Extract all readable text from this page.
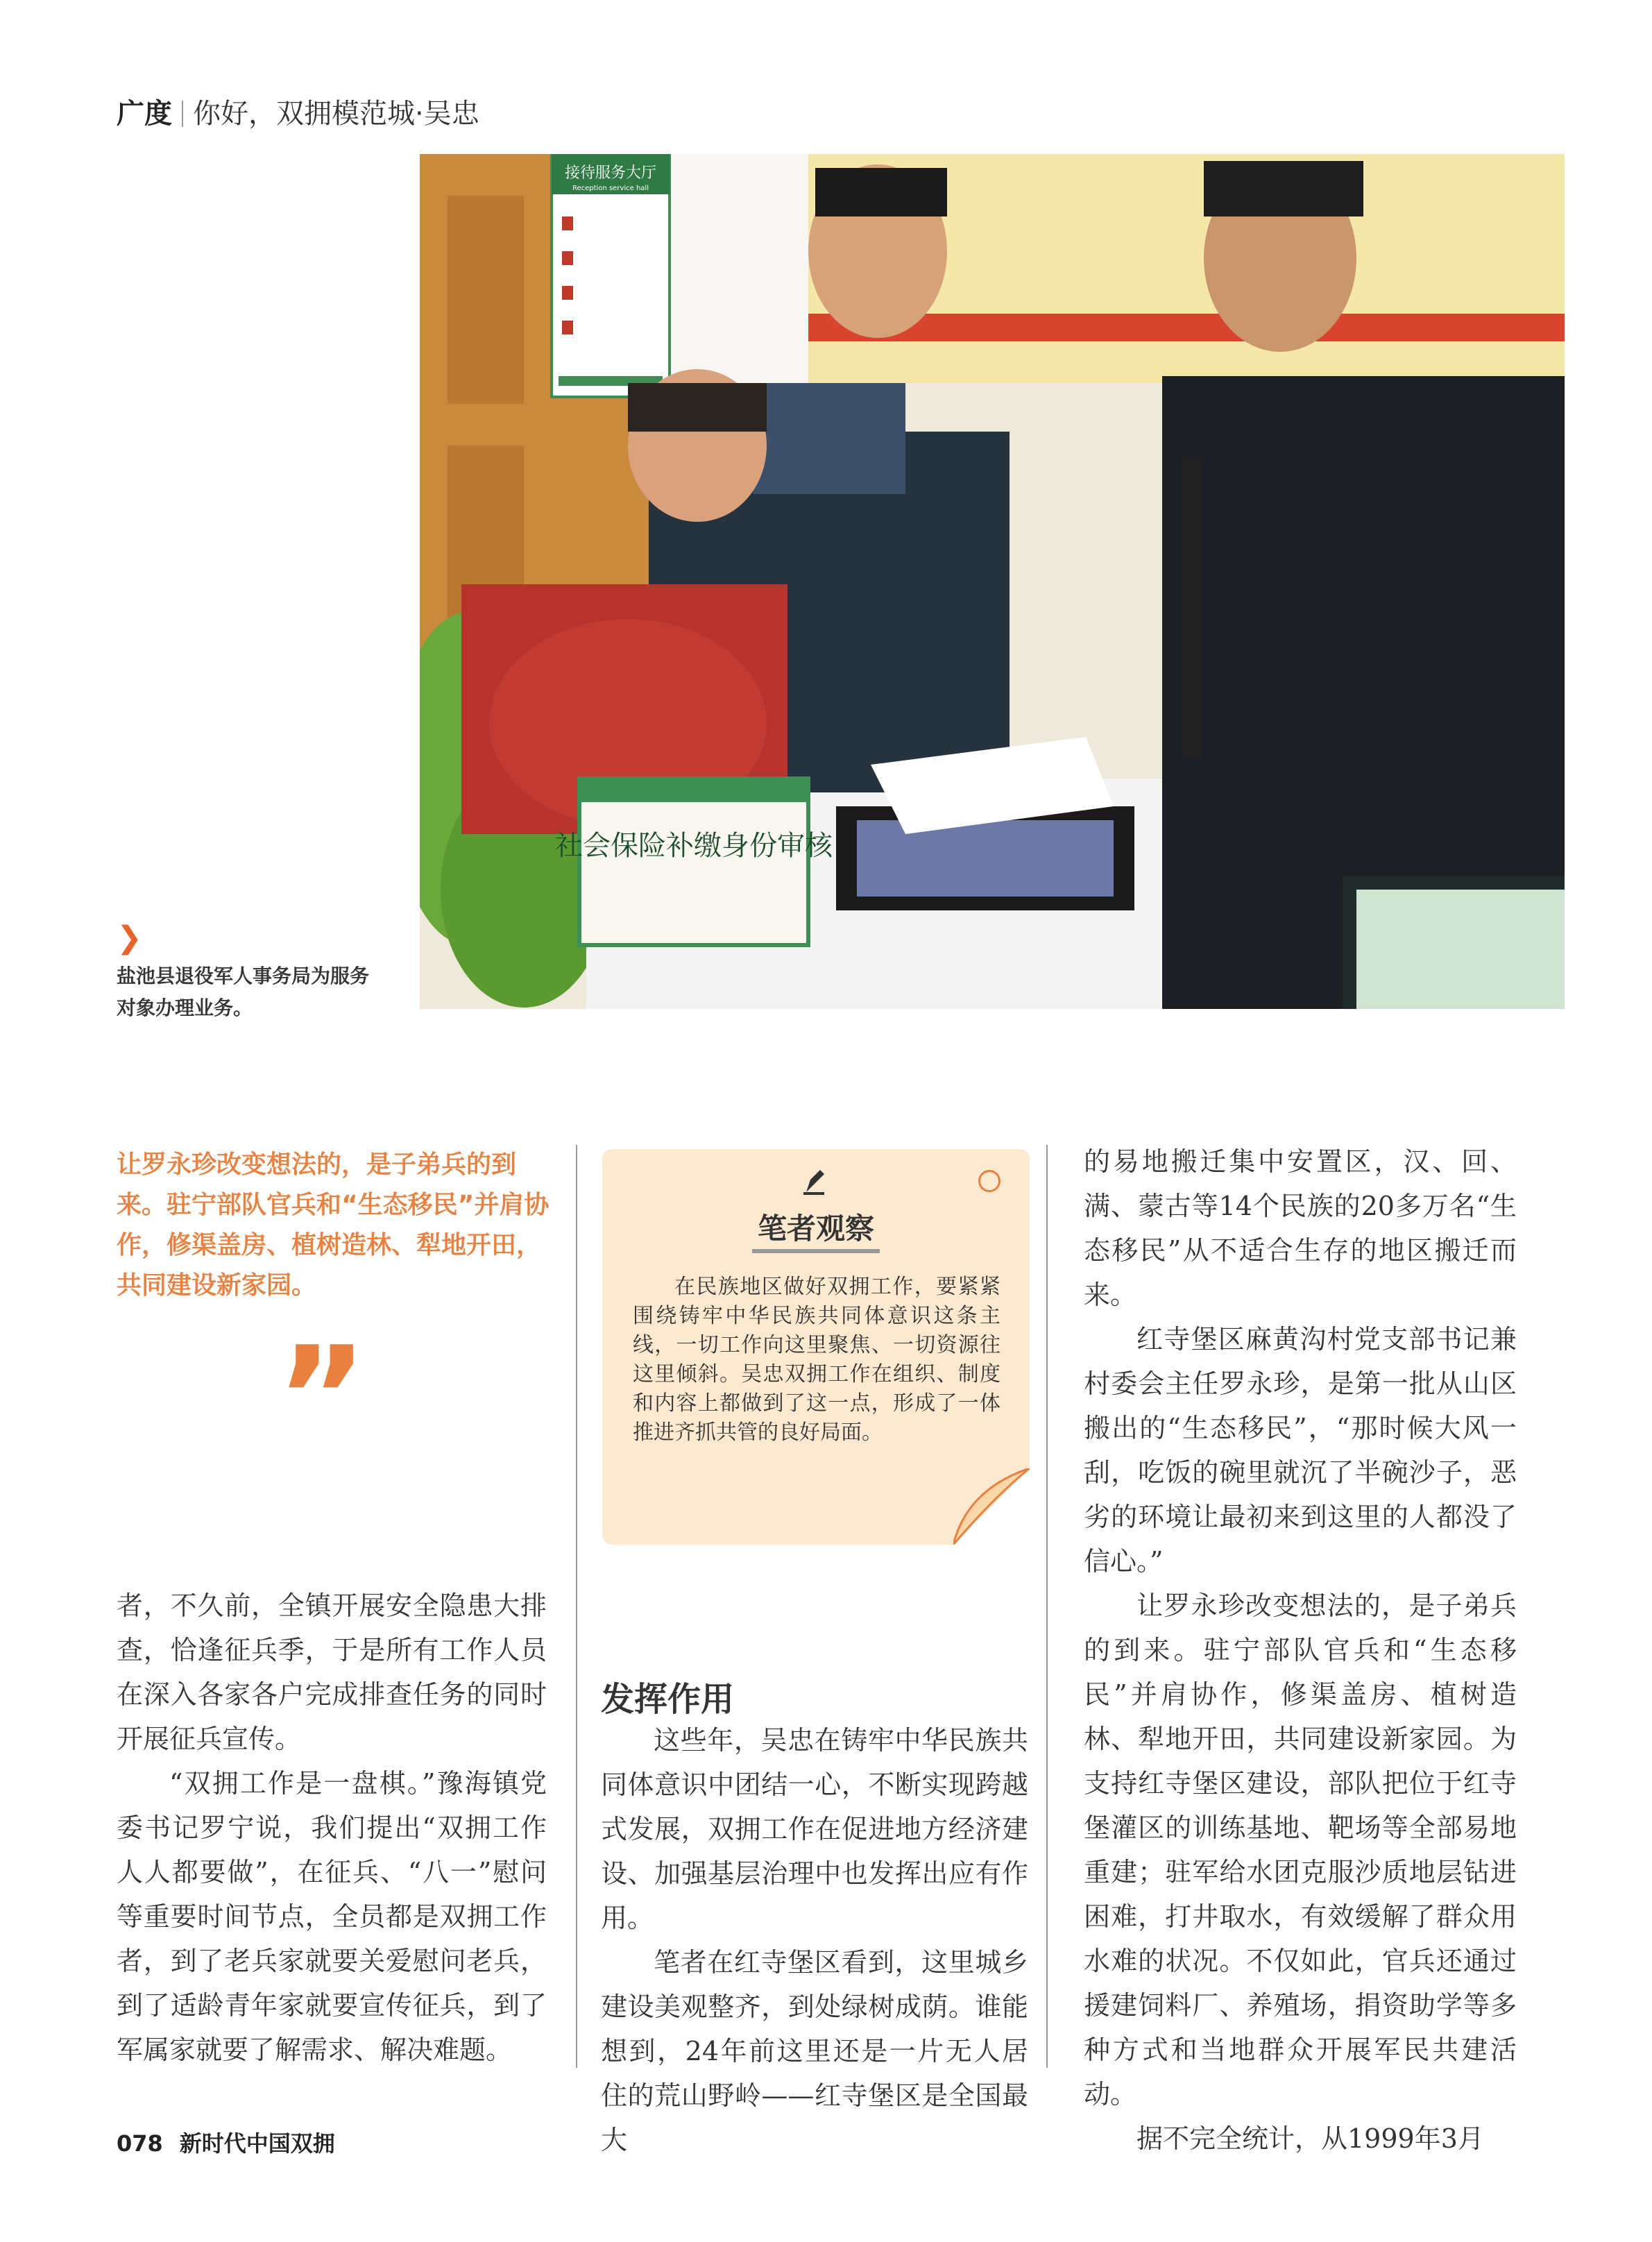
广度 你好，双拥模范城·吴忠
接待服务大厅
Reception service hall
社会保险补缴身份审核
❯

盐池县退役军人事务局为服务对象办理业务。

让罗永珍改变想法的，是子弟兵的到来。驻宁部队官兵和“生态移民”并肩协作，修渠盖房、植树造林、犁地开田，共同建设新家园。
”

者，不久前，全镇开展安全隐患大排查，恰逢征兵季，于是所有工作人员在深入各家各户完成排查任务的同时开展征兵宣传。

“双拥工作是一盘棋。”豫海镇党委书记罗宁说，我们提出“双拥工作人人都要做”，在征兵、“八一”慰问等重要时间节点，全员都是双拥工作者，到了老兵家就要关爱慰问老兵，到了适龄青年家就要宣传征兵，到了军属家就要了解需求、解决难题。

笔者观察
在民族地区做好双拥工作，要紧紧围绕铸牢中华民族共同体意识这条主线，一切工作向这里聚焦、一切资源往这里倾斜。吴忠双拥工作在组织、制度和内容上都做到了这一点，形成了一体推进齐抓共管的良好局面。
发挥作用

这些年，吴忠在铸牢中华民族共同体意识中团结一心，不断实现跨越式发展，双拥工作在促进地方经济建设、加强基层治理中也发挥出应有作用。

笔者在红寺堡区看到，这里城乡建设美观整齐，到处绿树成荫。谁能想到，24年前这里还是一片无人居住的荒山野岭——红寺堡区是全国最大

的易地搬迁集中安置区，汉、回、满、蒙古等14个民族的20多万名“生态移民”从不适合生存的地区搬迁而来。

红寺堡区麻黄沟村党支部书记兼村委会主任罗永珍，是第一批从山区搬出的“生态移民”，“那时候大风一刮，吃饭的碗里就沉了半碗沙子，恶劣的环境让最初来到这里的人都没了信心。”

让罗永珍改变想法的，是子弟兵的到来。驻宁部队官兵和“生态移民”并肩协作，修渠盖房、植树造林、犁地开田，共同建设新家园。为支持红寺堡区建设，部队把位于红寺堡灌区的训练基地、靶场等全部易地重建；驻军给水团克服沙质地层钻进困难，打井取水，有效缓解了群众用水难的状况。不仅如此，官兵还通过援建饲料厂、养殖场，捐资助学等多种方式和当地群众开展军民共建活动。

据不完全统计，从1999年3月

078 新时代中国双拥
